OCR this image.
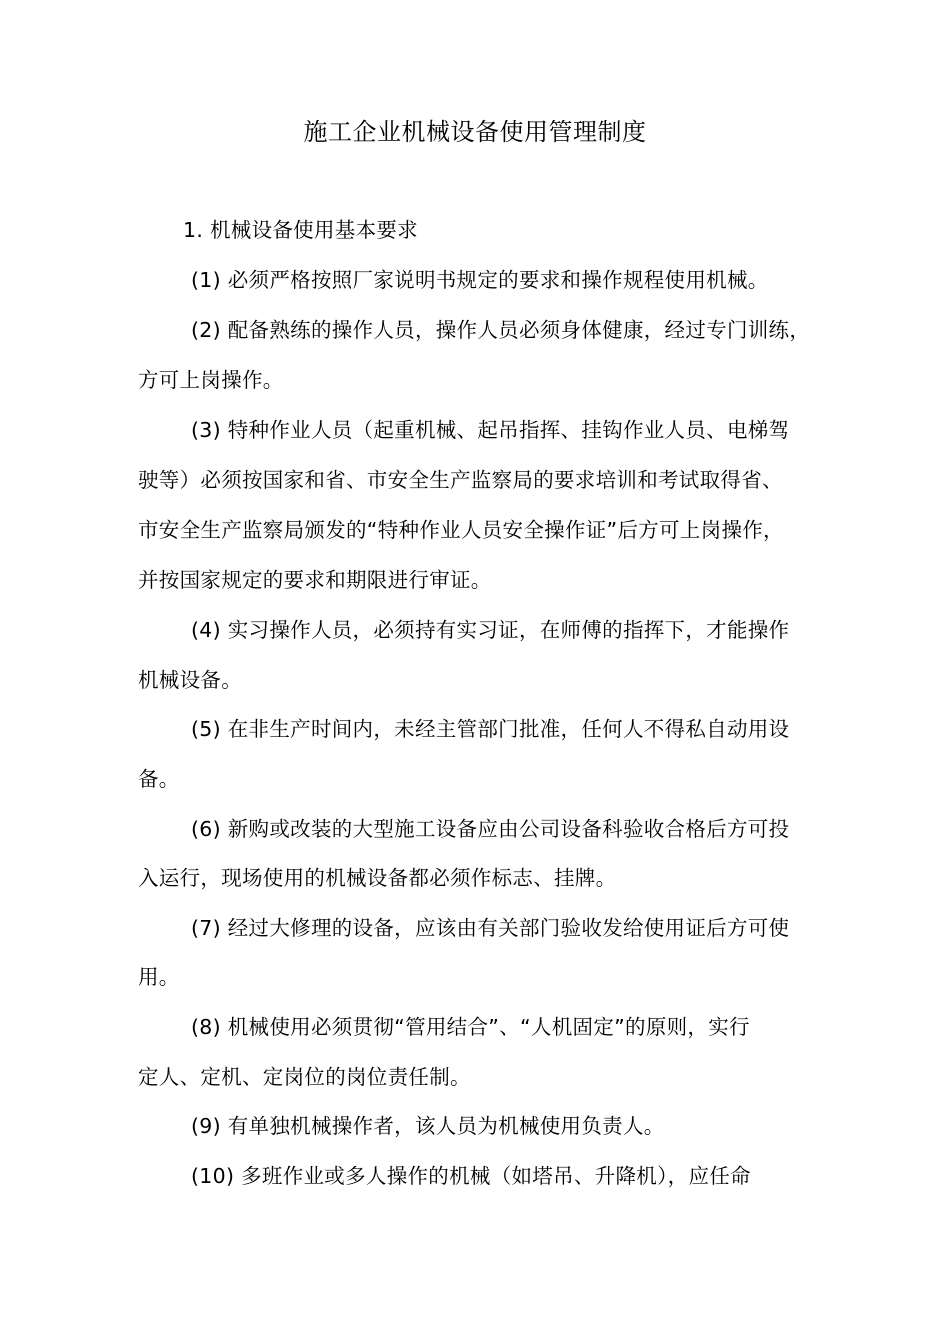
施工企业机械设备使用管理制度
1. 机械设备使用基本要求
(1) 必须严格按照厂家说明书规定的要求和操作规程使用机械。
(2) 配备熟练的操作人员，操作人员必须身体健康，经过专门训练，
方可上岗操作。
(3) 特种作业人员（起重机械、起吊指挥、挂钩作业人员、电梯驾
驶等）必须按国家和省、市安全生产监察局的要求培训和考试取得省、
市安全生产监察局颁发的“特种作业人员安全操作证”后方可上岗操作，
并按国家规定的要求和期限进行审证。
(4) 实习操作人员，必须持有实习证，在师傅的指挥下，才能操作
机械设备。
(5) 在非生产时间内，未经主管部门批准，任何人不得私自动用设
备。
(6) 新购或改装的大型施工设备应由公司设备科验收合格后方可投
入运行，现场使用的机械设备都必须作标志、挂牌。
(7) 经过大修理的设备，应该由有关部门验收发给使用证后方可使
用。
(8) 机械使用必须贯彻“管用结合”、“人机固定”的原则，实行
定人、定机、定岗位的岗位责任制。
(9) 有单独机械操作者，该人员为机械使用负责人。
(10) 多班作业或多人操作的机械（如塔吊、升降机），应任命
